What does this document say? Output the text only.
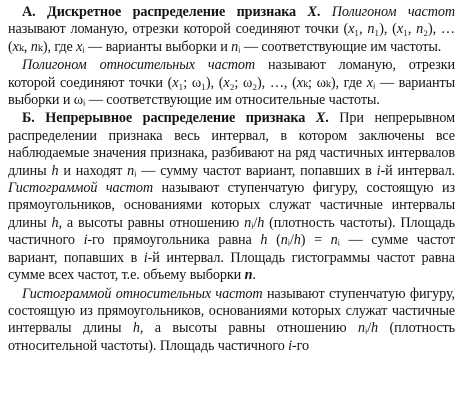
А. Дискретное распределение признака X. Полигоном частот называют ломаную, отрезки которой соединяют точки (x₁, n₁), (x₁, n₂), … (xₖ, nₖ), где xᵢ — варианты выборки и nᵢ — соответствующие им частоты.

Полигоном относительных частот называют ломаную, отрезки которой соединяют точки (x₁; ω₁), (x₂; ω₂), …, (xₖ; ωₖ), где xᵢ — варианты выборки и ωᵢ — соответствующие им относительные частоты.

Б. Непрерывное распределение признака X. При непрерывном распределении признака весь интервал, в котором заключены все наблюдаемые значения признака, разбивают на ряд частичных интервалов длины h и находят nᵢ — сумму частот вариант, попавших в i-й интервал. Гистограммой частот называют ступенчатую фигуру, состоящую из прямоугольников, основаниями которых служат частичные интервалы длины h, а высоты равны отношению nᵢ/h (плотность частоты). Площадь частичного i-го прямоугольника равна h (nᵢ/h) = nᵢ — сумме частот вариант, попавших в i-й интервал. Площадь гистограммы частот равна сумме всех частот, т.е. объему выборки n.

Гистограммой относительных частот называют ступенчатую фигуру, состоящую из прямоугольников, основаниями которых служат частичные интервалы длины h, а высоты равны отношению nᵢ/h (плотность относительной частоты). Площадь частичного i-го
